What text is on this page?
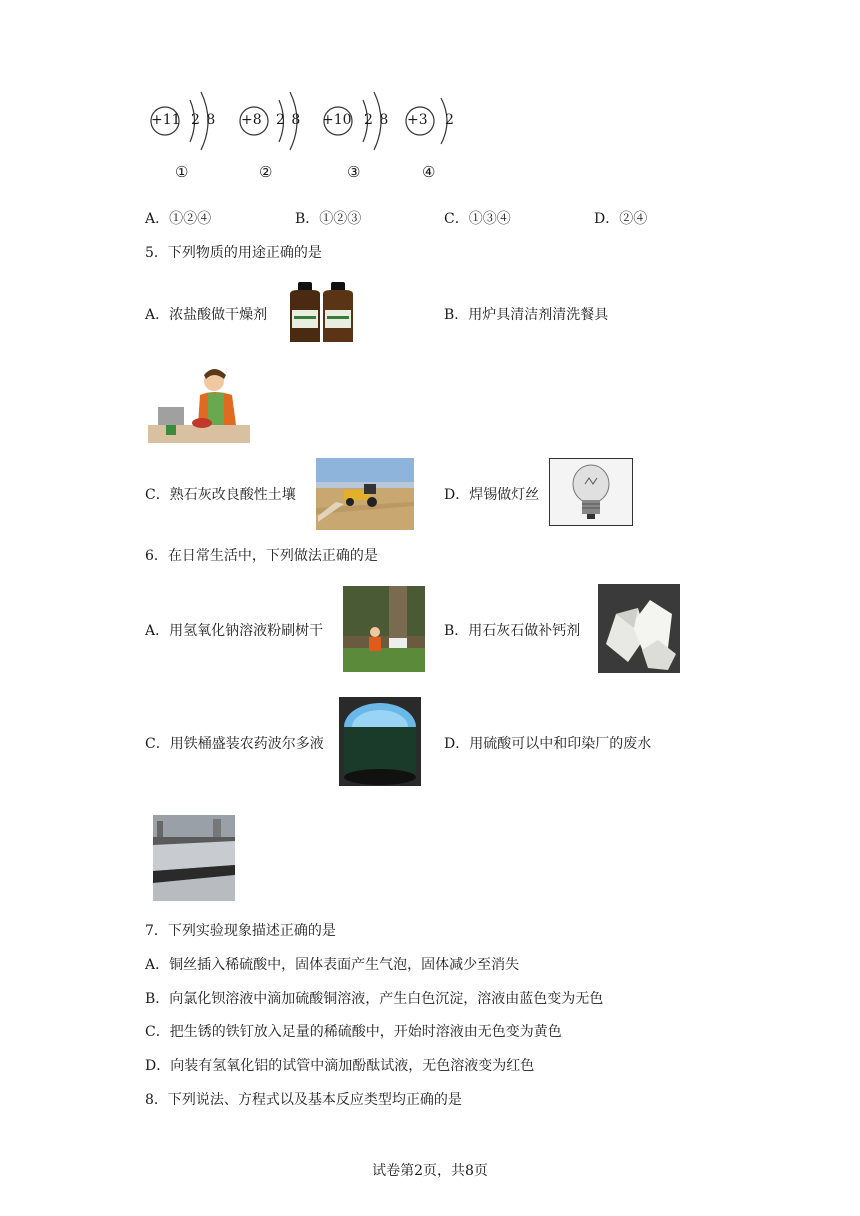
+11 2 8
①
+8 2 8
②
+10 2 8
③
+3 2
④
A．①②④	B．①②③	C．①③④	D．②④
5．下列物质的用途正确的是
A．浓盐酸做干燥剂	B．用炉具清洁剂清洗餐具
C．熟石灰改良酸性土壤	D．焊锡做灯丝
6．在日常生活中，下列做法正确的是
A．用氢氧化钠溶液粉刷树干	B．用石灰石做补钙剂
C．用铁桶盛装农药波尔多液	D．用硫酸可以中和印染厂的废水
7．下列实验现象描述正确的是
A．铜丝插入稀硫酸中，固体表面产生气泡，固体减少至消失
B．向氯化钡溶液中滴加硫酸铜溶液，产生白色沉淀，溶液由蓝色变为无色
C．把生锈的铁钉放入足量的稀硫酸中，开始时溶液由无色变为黄色
D．向装有氢氧化铝的试管中滴加酚酞试液，无色溶液变为红色
8．下列说法、方程式以及基本反应类型均正确的是
试卷第2页，共8页
